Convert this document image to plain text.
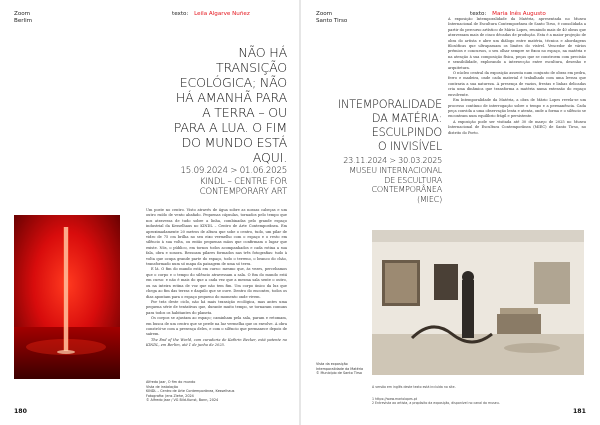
Zoom
Berlim
texto: Leila Algarve Nuñez
NÃO HÁ
TRANSIÇÃO
ECOLÓGICA; NÃO
HÁ AMANHÃ PARA
A TERRA – OU
PARA A LUA. O FIM
DO MUNDO ESTÁ
AQUI.
15.09.2024 > 01.06.2025
KINDL – CENTRE FOR
CONTEMPORARY ART

Um poste no centro. Visto através de água sobre as nossas cabeças e um outro ruído de vento abafado. Pequenas cápsulas, tornados pelo tempo que nos atravessa de tudo sobre a linha, combinadas pelo grande espaço industrial da Kesselhaus no KINDL – Centro de Arte Contemporânea. Em aproximadamente 20 metros de altura que sobe o centro, tudo, um pilar de vidro de 75 cm brilha no seu eixo vermelho com o espaço e o resto em silêncio à sua volta, ou então pequenas mãos que confirmam o lugar que existe. Nós, o público, em tornos todos acompanhados e cada rotina a sua fala, obra e sonora. Ressoam pilares formados nas três fotografias: tudo à volta que ocupa grande parte do espaço, todo o terreno, o branco do chão, transformado num só mapa da paisagem de uma só terra.

E lá. O fim do mundo está em curso: mesmo que, às vezes, percebamos que o corpo e o tempo do silêncio atravessam a sala. O fim do mundo está em curso: e não é mais do que a cada vez que a mesma sala sente o outro, ou na inteira rotina de voz que não tem fim. Um corpo único da luz que chega ao fim das terras e daquilo que se ouve. Dentro do encontro, todos os dias apontam para o espaço pequeno do momento onde vivem.

Por trás deste ciclo, não há mais transição ecológica, mas antes uma pequena série de tentativas que, durante muito tempo, se tornaram comuns para todos os habitantes do planeta.

Os corpos se ajustam ao espaço; caminham pela sala, param e retomam, em busca de um centro que se perde na luz vermelha que os envolve. A obra constrói-se com a presença deles, e com o silêncio que permanece depois de saírem.

The End of the World, com curadoria de Kathrin Becker, está patente no KINDL, em Berlim, até 1 de junho de 2025.

Alfredo Jaar, O fim do mundo
Vista de instalação
KINDL – Centro de Arte Contemporânea, Kesselhaus
Fotografia: Jens Ziehe, 2024
© Alfredo Jaar / VG Bild-Kunst, Bonn, 2024
180
Zoom
Santo Tirso
texto: Maria Inês Augusto
INTEMPORALIDADE
DA MATÉRIA:
ESCULPINDO
O INVISÍVEL
23.11.2024 > 30.03.2025
MUSEU INTERNACIONAL
DE ESCULTURA
CONTEMPORÂNEA
(MIEC)

A exposição Intemporalidade da Matéria, apresentada no Museu Internacional de Escultura Contemporânea de Santo Tirso, é consolidada a partir do percurso artístico de Mário Lopes, reunindo mais de 40 obras que atravessam mais de cinco décadas de produção. Esta é a maior projeção de obra do artista e abre um diálogo entre matéria, técnica e abordagens filosóficas que ultrapassam os limites do visível. Vencedor de vários prémios e concursos, o seu olhar sempre se fixou no espaço, na matéria e na atenção à sua composição física, peças que se constroem com precisão e sensibilidade, explorando a intersecção entre escultura, desenho e arquitetura.

O núcleo central da exposição assenta num conjunto de obras em pedra, ferro e madeira, onde cada material é trabalhado com uma leveza que contraria a sua natureza. A presença de vazios, frestas e linhas delicadas cria uma dinâmica que transforma a matéria numa extensão do espaço envolvente.

Em Intemporalidade da Matéria, a obra de Mário Lopes revela-se um processo contínuo de interrogação sobre o tempo e a permanência. Cada peça convida a uma observação lenta e atenta, onde a forma e o silêncio se encontram num equilíbrio frágil e persistente.

A exposição pode ser visitada até 30 de março de 2025 no Museu Internacional de Escultura Contemporânea (MIEC) de Santo Tirso, no distrito do Porto.

Vista da exposição Intemporalidade da Matéria
© Município de Santo Tirso
A versão em inglês deste texto está incluída no site.
1 https://www.mariolopes.pt
2 Entrevista ao artista, a propósito da exposição, disponível no canal do museu.
181
